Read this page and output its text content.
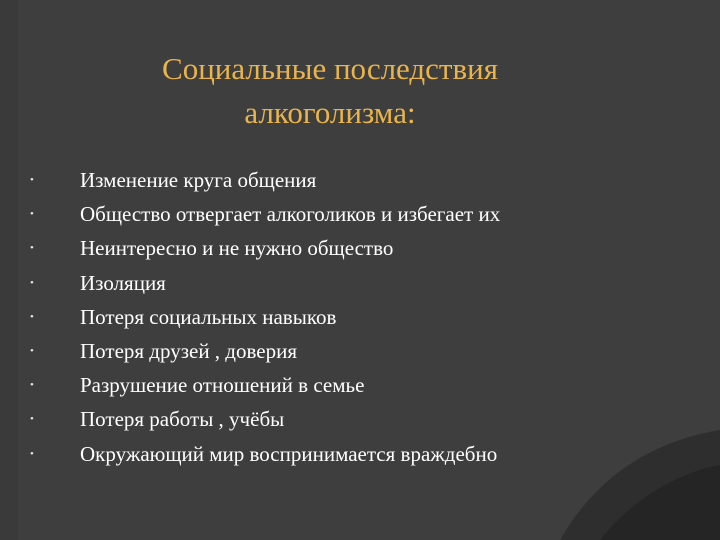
Социальные последствия
алкоголизма:
• Изменение круга общения
• Общество отвергает алкоголиков и избегает их
• Неинтересно и не нужно общество
• Изоляция
• Потеря социальных навыков
• Потеря друзей , доверия
• Разрушение отношений в семье
• Потеря работы , учёбы
• Окружающий мир воспринимается враждебно
